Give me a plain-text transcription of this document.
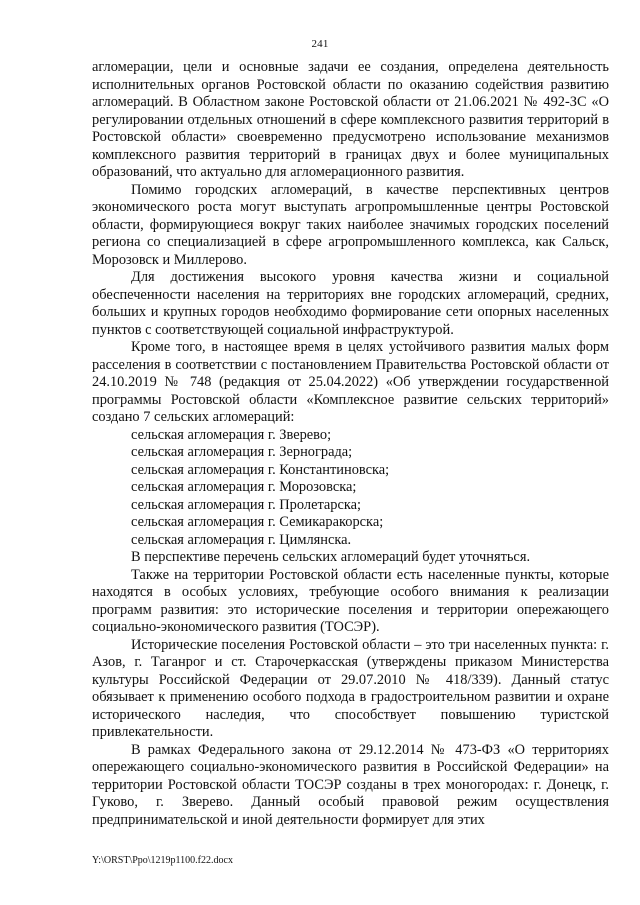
241

агломерации, цели и основные задачи ее создания, определена деятельность исполнительных органов Ростовской области по оказанию содействия развитию агломераций. В Областном законе Ростовской области от 21.06.2021 № 492-ЗС «О регулировании отдельных отношений в сфере комплексного развития территорий в Ростовской области» своевременно предусмотрено использование механизмов комплексного развития территорий в границах двух и более муниципальных образований, что актуально для агломерационного развития.

Помимо городских агломераций, в качестве перспективных центров экономического роста могут выступать агропромышленные центры Ростовской области, формирующиеся вокруг таких наиболее значимых городских поселений региона со специализацией в сфере агропромышленного комплекса, как Сальск, Морозовск и Миллерово.

Для достижения высокого уровня качества жизни и социальной обеспеченности населения на территориях вне городских агломераций, средних, больших и крупных городов необходимо формирование сети опорных населенных пунктов с соответствующей социальной инфраструктурой.

Кроме того, в настоящее время в целях устойчивого развития малых форм расселения в соответствии с постановлением Правительства Ростовской области от 24.10.2019 № 748 (редакция от 25.04.2022) «Об утверждении государственной программы Ростовской области «Комплексное развитие сельских территорий» создано 7 сельских агломераций:

сельская агломерация г. Зверево;
сельская агломерация г. Зернограда;
сельская агломерация г. Константиновска;
сельская агломерация г. Морозовска;
сельская агломерация г. Пролетарска;
сельская агломерация г. Семикаракорска;
сельская агломерация г. Цимлянска.

В перспективе перечень сельских агломераций будет уточняться.

Также на территории Ростовской области есть населенные пункты, которые находятся в особых условиях, требующие особого внимания к реализации программ развития: это исторические поселения и территории опережающего социально-экономического развития (ТОСЭР).

Исторические поселения Ростовской области – это три населенных пункта: г. Азов, г. Таганрог и ст. Старочеркасская (утверждены приказом Министерства культуры Российской Федерации от 29.07.2010 № 418/339). Данный статус обязывает к применению особого подхода в градостроительном развитии и охране исторического наследия, что способствует повышению туристской привлекательности.

В рамках Федерального закона от 29.12.2014 № 473-ФЗ «О территориях опережающего социально-экономического развития в Российской Федерации» на территории Ростовской области ТОСЭР созданы в трех моногородах: г. Донецк, г. Гуково, г. Зверево. Данный особый правовой режим осуществления предпринимательской и иной деятельности формирует для этих

Y:\ORST\Ppo\1219p1100.f22.docx
